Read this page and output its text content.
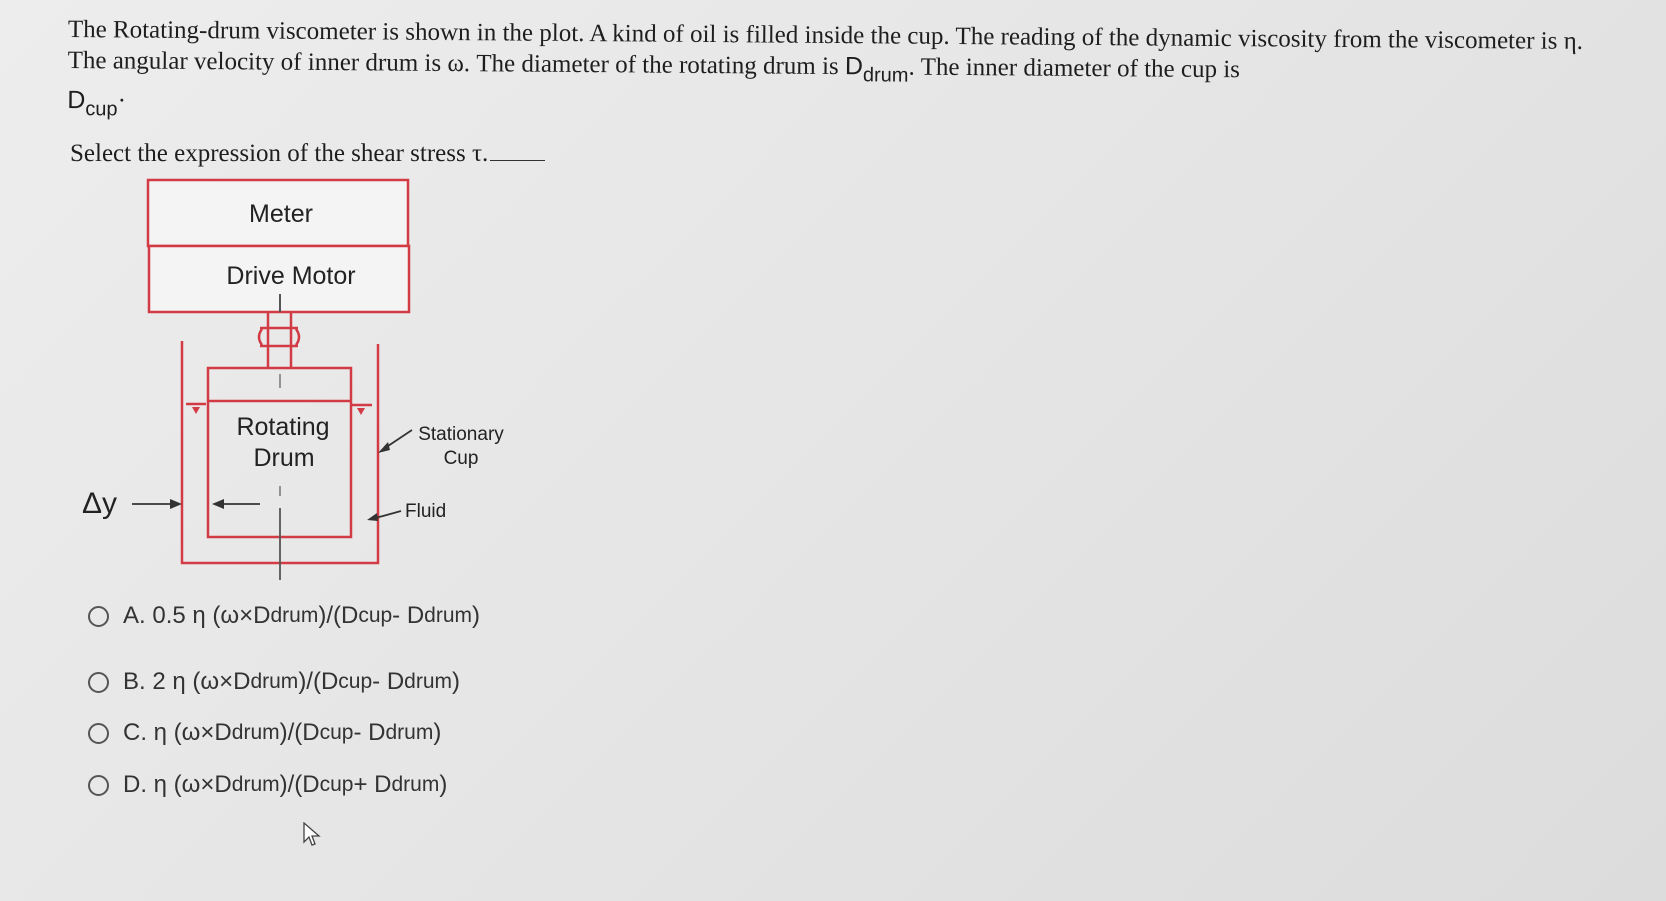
The Rotating-drum viscometer is shown in the plot. A kind of oil is filled inside the cup. The reading of the dynamic viscosity from the viscometer is η. The angular velocity of inner drum is ω. The diameter of the rotating drum is $D_{drum}$. The inner diameter of the cup is
$D_{cup}\cdot$
Select the expression of the shear stress τ.
Meter
Drive Motor
Rotating
Drum
Stationary
Cup
Fluid
Δy
A. 0.5 η (ω×D drum )/(D cup - D drum )
B. 2 η (ω×D drum )/(D cup - D drum )
C. η (ω×D drum )/(D cup - D drum )
D. η (ω×D drum )/(D cup + D drum )
